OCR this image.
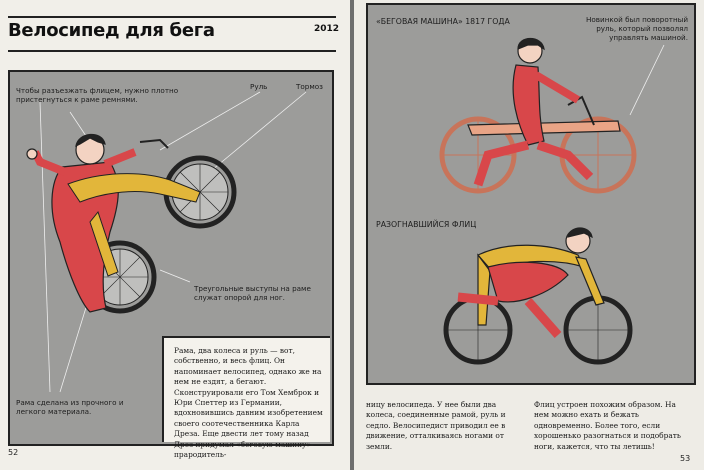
Велосипед для бега	2012
Чтобы разъезжать флицем, нужно плотно пристегнуться к раме ремнями.
Руль	Тормоз
Треугольные выступы на раме служат опорой для ног.
Рама сделана из прочного и легкого материала.
Рама, два колеса и руль — вот, собственно, и весь флиц. Он напоминает велосипед, однако же на нем не ездят, а бегают. Сконструировали его Том Хемброк и Юри Спеттер из Германии, вдохновившись давним изобретением своего соотечественника Карла Дреза. Еще двести лет тому назад Дрез придумал «беговую машину» — прародитель-
52
«БЕГОВАЯ МАШИНА» 1817 ГОДА	Новинкой был поворотный руль, который позволял управлять машиной.
РАЗОГНАВШИЙСЯ ФЛИЦ
ницу велосипеда. У нее были два колеса, соединенные рамой, руль и седло. Велосипедист приводил ее в движение, отталкиваясь ногами от земли.
Флиц устроен похожим образом. На нем можно ехать и бежать одновременно. Более того, если хорошенько разогнаться и подобрать ноги, кажется, что ты летишь!
53
